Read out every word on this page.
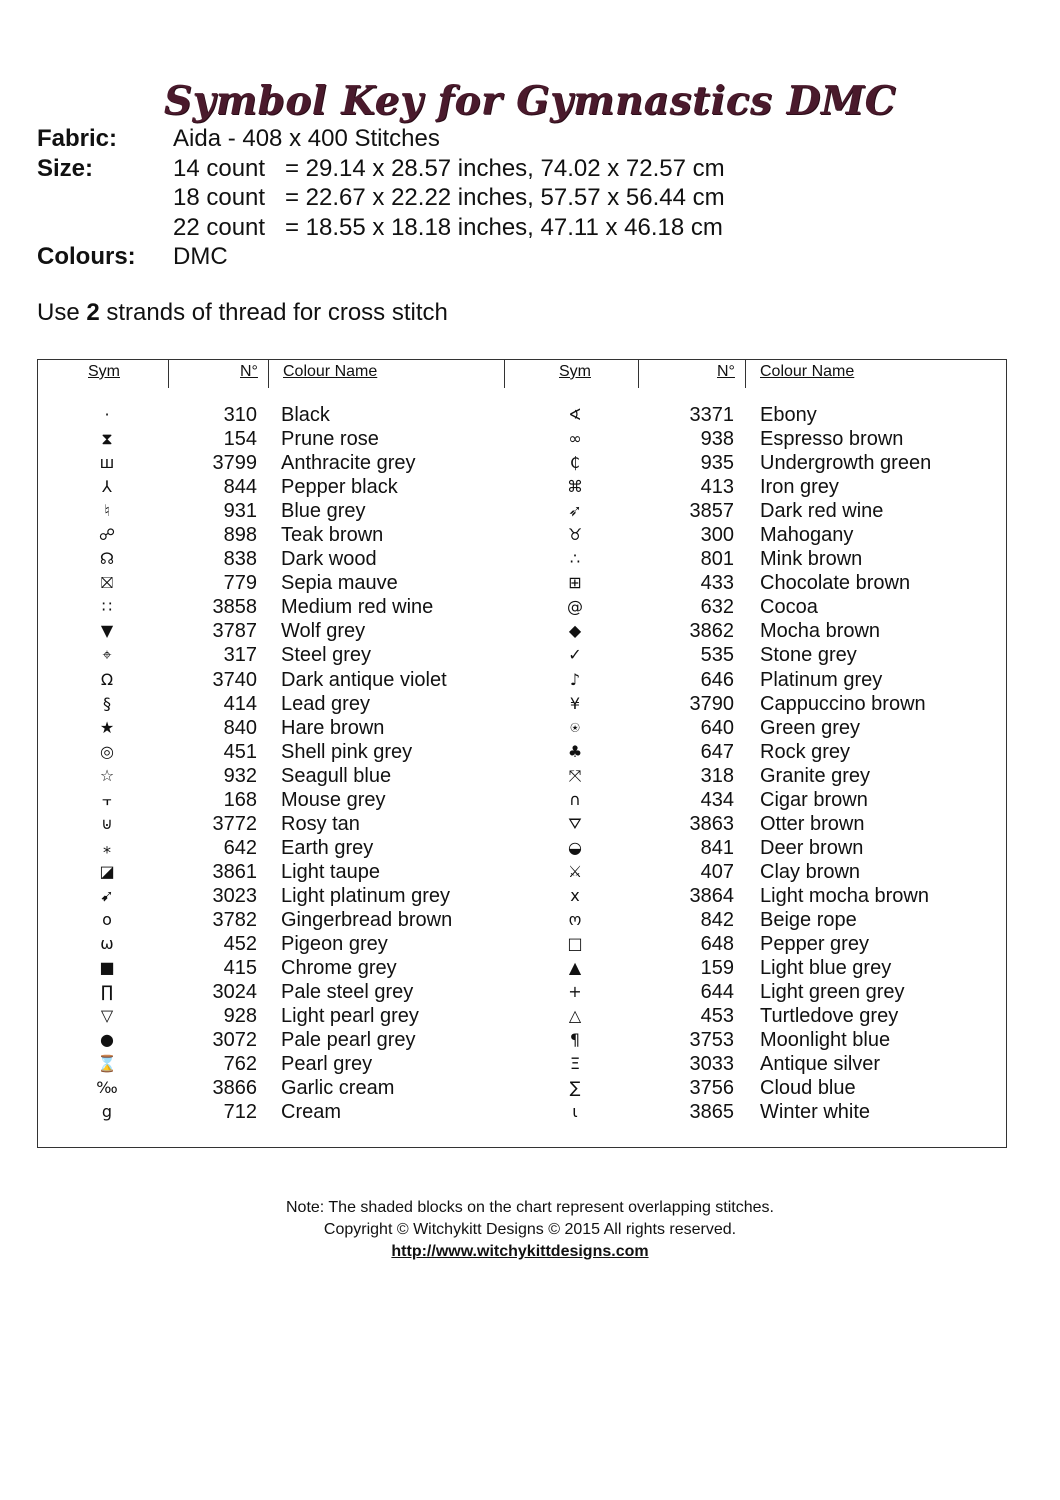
Symbol Key for Gymnastics DMC
Fabric:	Aida - 408 x 400 Stitches
Size:	14 count = 29.14 x 28.57 inches, 74.02 x 72.57 cm
18 count = 22.67 x 22.22 inches, 57.57 x 56.44 cm
22 count = 18.55 x 18.18 inches, 47.11 x 46.18 cm
Colours:	DMC
Use 2 strands of thread for cross stitch
Sym	N° Colour Name	Sym	N° Colour Name
·	310 Black	∢	3371 Ebony
⧗	154 Prune rose	∞	938 Espresso brown
ш	3799 Anthracite grey	₵	935 Undergrowth green
⅄	844 Pepper black	⌘	413 Iron grey
♮	931 Blue grey	➶	3857 Dark red wine
☍	898 Teak brown	♉	300 Mahogany
☊	838 Dark wood	∴	801 Mink brown
⛝	779 Sepia mauve	⊞	433 Chocolate brown
∷	3858 Medium red wine	@	632 Cocoa
▼	3787 Wolf grey	◆	3862 Mocha brown
⌖	317 Steel grey	✓	535 Stone grey
Ω	3740 Dark antique violet	♪	646 Platinum grey
§	414 Lead grey	¥	3790 Cappuccino brown
★	840 Hare brown	⍟	640 Green grey
◎	451 Shell pink grey	♣	647 Rock grey
☆	932 Seagull blue	⤧	318 Granite grey
⫟	168 Mouse grey	∩	434 Cigar brown
⊍	3772 Rosy tan	⛛	3863 Otter brown
⁎	642 Earth grey	◒	841 Deer brown
◪	3861 Light taupe	⚔	407 Clay brown
➹	3023 Light platinum grey	x	3864 Light mocha brown
o	3782 Gingerbread brown	ო	842 Beige rope
ω	452 Pigeon grey	□	648 Pepper grey
■	415 Chrome grey	▲	159 Light blue grey
∏	3024 Pale steel grey	+	644 Light green grey
▽	928 Light pearl grey	△	453 Turtledove grey
●	3072 Pale pearl grey	¶	3753 Moonlight blue
⌛	762 Pearl grey	Ξ	3033 Antique silver
‰	3866 Garlic cream	∑	3756 Cloud blue
g	712 Cream	ɩ	3865 Winter white
Note: The shaded blocks on the chart represent overlapping stitches.
Copyright © Witchykitt Designs © 2015 All rights reserved.
http://www.witchykittdesigns.com
